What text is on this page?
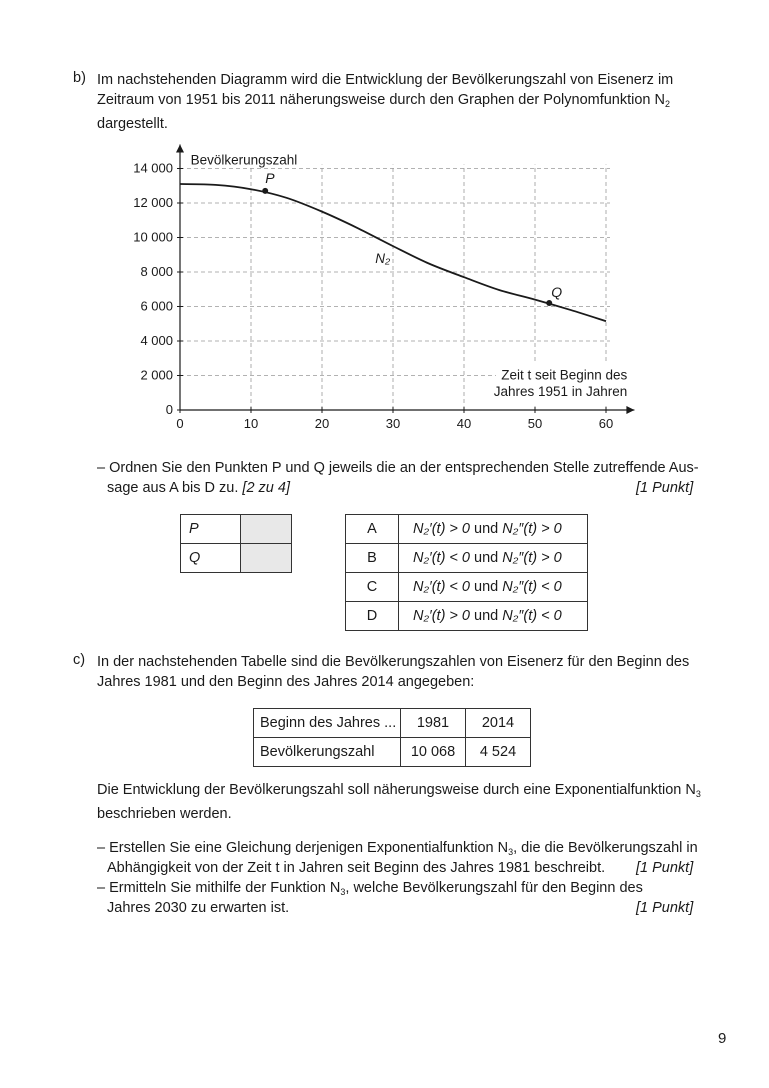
b) Im nachstehenden Diagramm wird die Entwicklung der Bevölkerungszahl von Eisenerz im
Zeitraum von 1951 bis 2011 näherungsweise durch den Graphen der Polynomfunktion $N_2$
dargestellt.
0	10	20	30	40	50	60
0
2 000
4 000
6 000
8 000
10 000
12 000
14 000
Bevölkerungszahl
Zeit t seit Beginn des
Jahres 1951 in Jahren
N₂
P
Q
– Ordnen Sie den Punkten P und Q jeweils die an der entsprechenden Stelle zutreffende Aus-
sage aus A bis D zu. [2 zu 4]	[1 Punkt]
P	
Q	
A	N₂′(t) > 0 und N₂″(t) > 0
B	N₂′(t) < 0 und N₂″(t) > 0
C	N₂′(t) < 0 und N₂″(t) < 0
D	N₂′(t) > 0 und N₂″(t) < 0
c) In der nachstehenden Tabelle sind die Bevölkerungszahlen von Eisenerz für den Beginn des
Jahres 1981 und den Beginn des Jahres 2014 angegeben:
Beginn des Jahres ...	1981	2014
Bevölkerungszahl	10 068	4 524
Die Entwicklung der Bevölkerungszahl soll näherungsweise durch eine Exponentialfunktion $N_3$
beschrieben werden.
– Erstellen Sie eine Gleichung derjenigen Exponentialfunktion $N_3$, die die Bevölkerungszahl in
Abhängigkeit von der Zeit t in Jahren seit Beginn des Jahres 1981 beschreibt. [1 Punkt]
– Ermitteln Sie mithilfe der Funktion $N_3$, welche Bevölkerungszahl für den Beginn des
Jahres 2030 zu erwarten ist.	[1 Punkt]
9
